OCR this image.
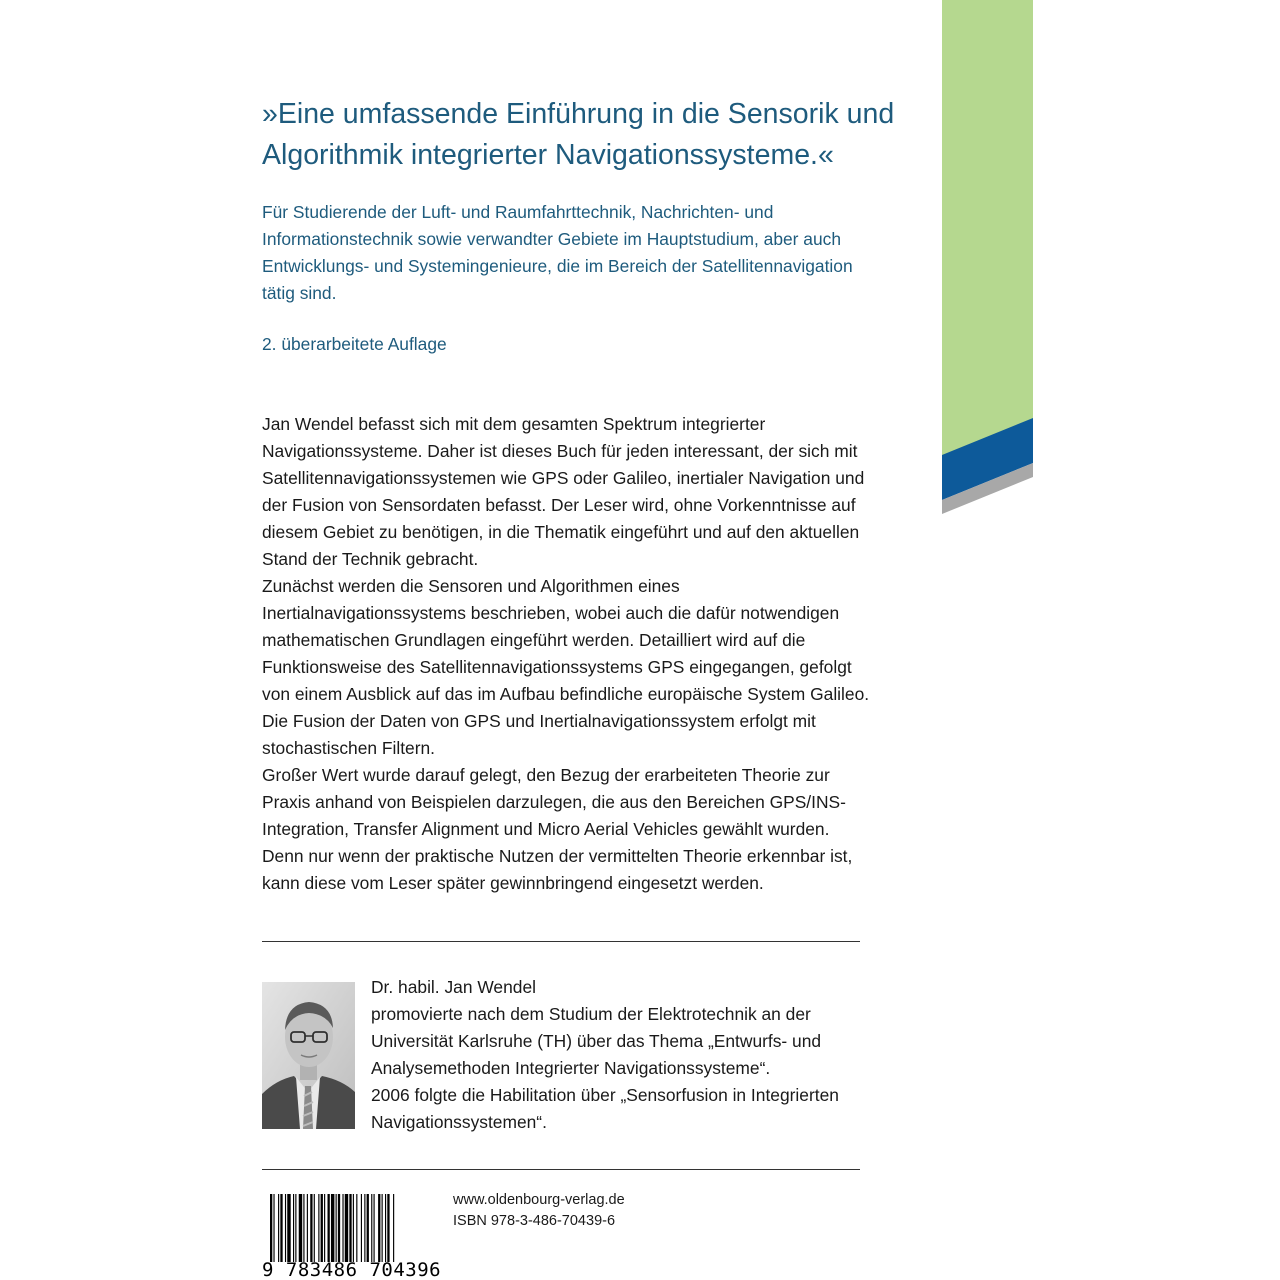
»Eine umfassende Einführung in die Sensorik und
Algorithmik integrierter Navigationssysteme.«

Für Studierende der Luft- und Raumfahrttechnik, Nachrichten- und Informationstechnik sowie verwandter Gebiete im Hauptstudium, aber auch Entwicklungs- und Systemingenieure, die im Bereich der Satellitennavigation tätig sind.

2. überarbeitete Auflage

Jan Wendel befasst sich mit dem gesamten Spektrum integrierter Navigationssysteme. Daher ist dieses Buch für jeden interessant, der sich mit Satellitennavigationssystemen wie GPS oder Galileo, inertialer Navigation und der Fusion von Sensordaten befasst. Der Leser wird, ohne Vorkenntnisse auf diesem Gebiet zu benötigen, in die Thematik eingeführt und auf den aktuellen Stand der Technik gebracht.

Zunächst werden die Sensoren und Algorithmen eines Inertialnavigationssystems beschrieben, wobei auch die dafür notwendigen mathematischen Grundlagen eingeführt werden. Detailliert wird auf die Funktionsweise des Satellitennavigationssystems GPS eingegangen, gefolgt von einem Ausblick auf das im Aufbau befindliche europäische System Galileo. Die Fusion der Daten von GPS und Inertialnavigationssystem erfolgt mit stochastischen Filtern.

Großer Wert wurde darauf gelegt, den Bezug der erarbeiteten Theorie zur Praxis anhand von Beispielen darzulegen, die aus den Bereichen GPS/INS-Integration, Transfer Alignment und Micro Aerial Vehicles gewählt wurden. Denn nur wenn der praktische Nutzen der vermittelten Theorie erkennbar ist, kann diese vom Leser später gewinnbringend eingesetzt werden.

Dr. habil. Jan Wendel

promovierte nach dem Studium der Elektrotechnik an der Universität Karlsruhe (TH) über das Thema „Entwurfs- und Analysemethoden Integrierter Navigationssysteme“.

2006 folgte die Habilitation über „Sensorfusion in Integrierten Navigationssystemen“.

9 783486 704396
www.oldenbourg-verlag.de
ISBN 978-3-486-70439-6
